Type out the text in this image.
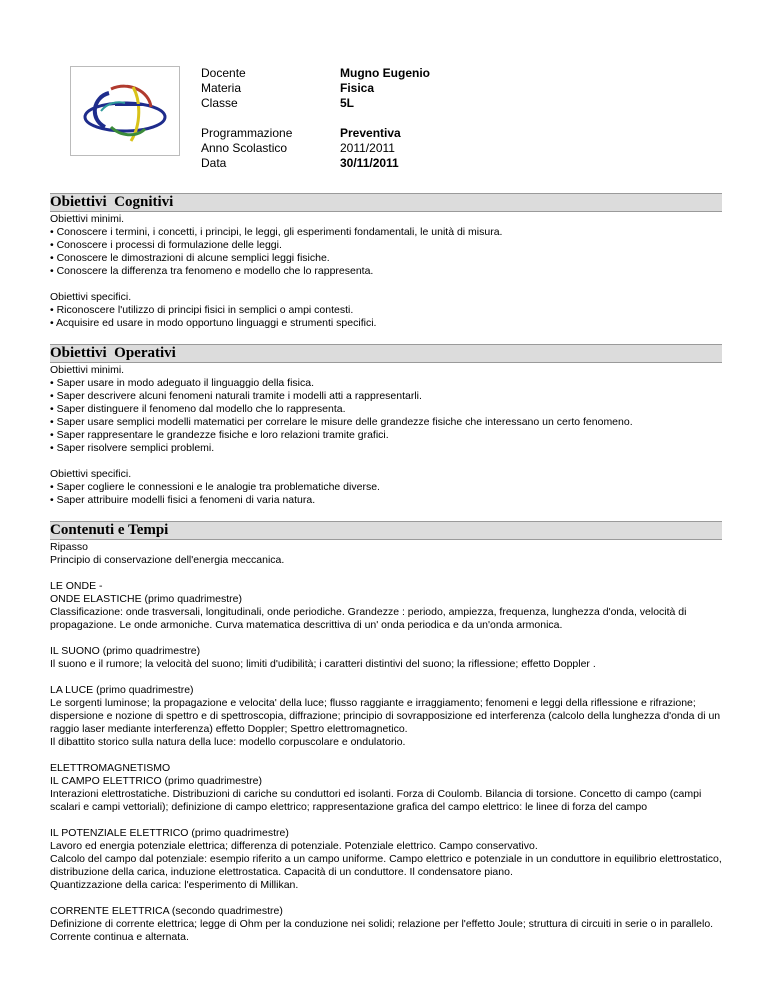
Docente	Mugno Eugenio
Materia	Fisica
Classe	5L
Programmazione	Preventiva
Anno Scolastico	2011/2011
Data	30/11/2011
Obiettivi  Cognitivi

Obiettivi minimi.

• Conoscere i termini, i concetti, i principi, le leggi, gli esperimenti fondamentali, le unità di misura.

• Conoscere i processi di formulazione delle leggi.

• Conoscere le dimostrazioni di alcune semplici leggi fisiche.

• Conoscere la differenza tra fenomeno e modello che lo rappresenta.

Obiettivi specifici.

• Riconoscere l'utilizzo di principi fisici in semplici o ampi contesti.

• Acquisire ed usare in modo opportuno linguaggi e strumenti specifici.

Obiettivi  Operativi

Obiettivi minimi.

• Saper usare in modo adeguato il linguaggio della fisica.

• Saper descrivere alcuni fenomeni naturali tramite i modelli atti a rappresentarli.

• Saper distinguere il fenomeno dal modello che lo rappresenta.

• Saper usare semplici modelli matematici per correlare le misure delle grandezze fisiche che interessano un certo fenomeno.

• Saper rappresentare le grandezze fisiche e loro relazioni tramite grafici.

• Saper risolvere semplici problemi.

Obiettivi specifici.

• Saper cogliere le connessioni e le analogie tra problematiche diverse.

• Saper attribuire modelli fisici a fenomeni di varia natura.

Contenuti e Tempi

Ripasso

Principio di conservazione dell'energia meccanica.

LE ONDE -

ONDE ELASTICHE (primo quadrimestre)

Classificazione: onde trasversali, longitudinali, onde periodiche. Grandezze : periodo, ampiezza, frequenza, lunghezza d'onda, velocità di propagazione. Le onde armoniche. Curva matematica descrittiva di un' onda periodica e da un'onda armonica.

IL SUONO (primo quadrimestre)

Il suono e il rumore; la velocità del suono; limiti d'udibilità; i caratteri distintivi del suono; la riflessione; effetto Doppler .

LA LUCE (primo quadrimestre)

Le sorgenti luminose; la propagazione e velocita' della luce; flusso raggiante e irraggiamento; fenomeni e leggi della riflessione e rifrazione; dispersione e nozione di spettro e di spettroscopia, diffrazione; principio di sovrapposizione ed interferenza (calcolo della lunghezza d'onda di un raggio laser mediante interferenza) effetto Doppler; Spettro elettromagnetico.

Il dibattito storico sulla natura della luce: modello corpuscolare e ondulatorio.

ELETTROMAGNETISMO

IL CAMPO ELETTRICO (primo quadrimestre)

Interazioni elettrostatiche. Distribuzioni di cariche su conduttori ed isolanti. Forza di Coulomb. Bilancia di torsione. Concetto di campo (campi scalari e campi vettoriali); definizione di campo elettrico; rappresentazione grafica del campo elettrico: le linee di forza del campo

IL POTENZIALE ELETTRICO (primo quadrimestre)

Lavoro ed energia potenziale elettrica; differenza di potenziale. Potenziale elettrico. Campo conservativo.

Calcolo del campo dal potenziale: esempio riferito a un campo uniforme. Campo elettrico e potenziale in un conduttore in equilibrio elettrostatico, distribuzione della carica, induzione elettrostatica. Capacità di un conduttore. Il condensatore piano.

Quantizzazione della carica: l'esperimento di Millikan.

CORRENTE ELETTRICA (secondo quadrimestre)

Definizione di corrente elettrica; legge di Ohm per la conduzione nei solidi; relazione per l'effetto Joule; struttura di circuiti in serie o in parallelo.

Corrente continua e alternata.
